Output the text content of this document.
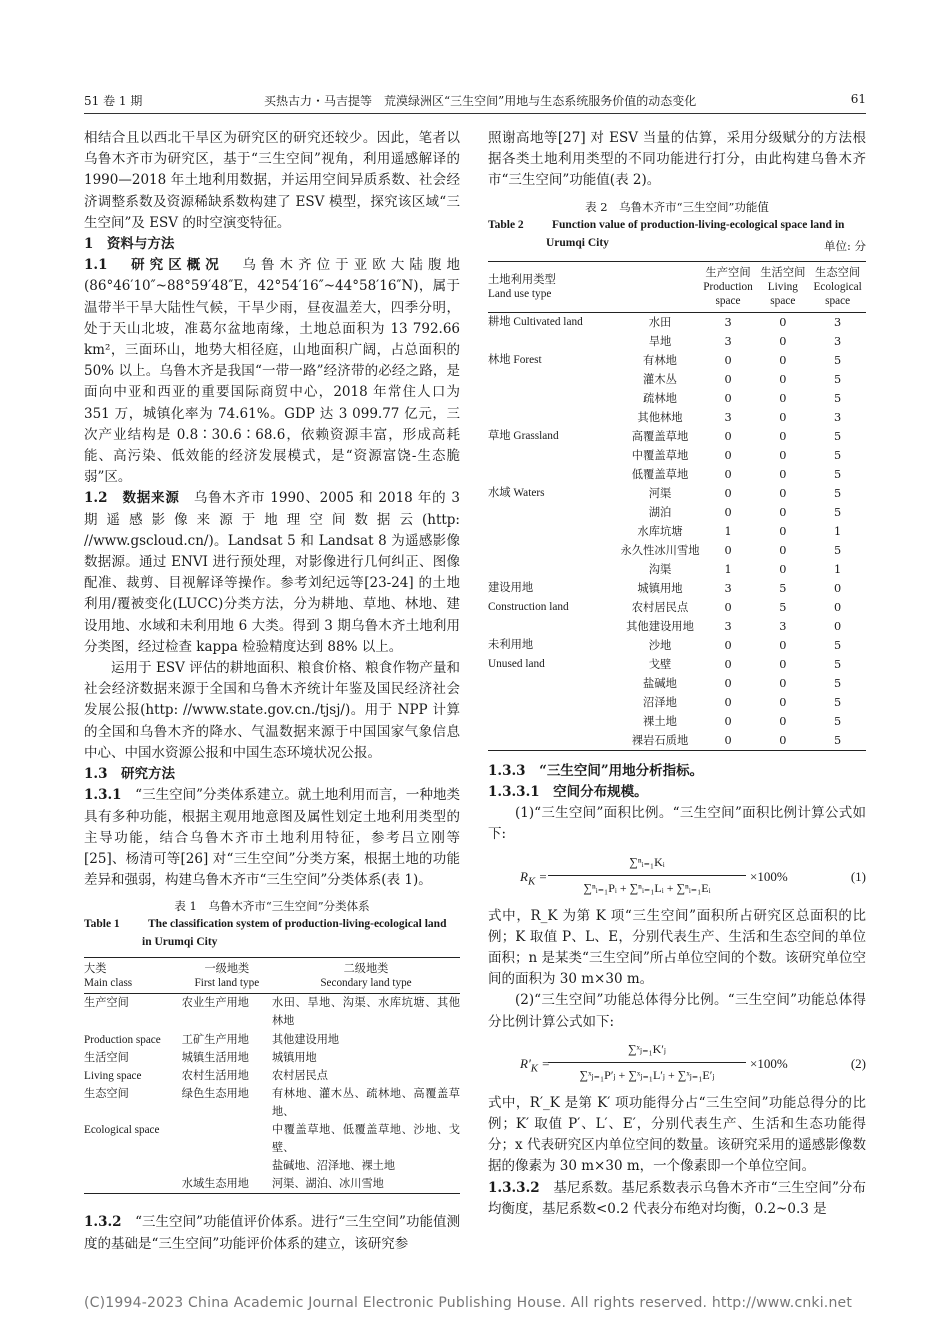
51 卷 1 期	买热古力・马吉提等　荒漠绿洲区“三生空间”用地与生态系统服务价值的动态变化	61

相结合且以西北干旱区为研究区的研究还较少。因此，笔者以乌鲁木齐市为研究区，基于“三生空间”视角，利用遥感解译的 1990—2018 年土地利用数据，并运用空间异质系数、社会经济调整系数及资源稀缺系数构建了 ESV 模型，探究该区域“三生空间”及 ESV 的时空演变特征。

1　资料与方法

1.1　研究区概况　 乌鲁木齐位于亚欧大陆腹地(86°46′10″~88°59′48″E，42°54′16″~44°58′16″N)，属于温带半干旱大陆性气候，干旱少雨，昼夜温差大，四季分明，处于天山北坡，准葛尔盆地南缘，土地总面积为 13 792.66 km²，三面环山，地势大相径庭，山地面积广阔，占总面积的 50% 以上。乌鲁木齐是我国“一带一路”经济带的必经之路，是面向中亚和西亚的重要国际商贸中心，2018 年常住人口为 351 万，城镇化率为 74.61%。GDP 达 3 099.77 亿元，三次产业结构是 0.8∶30.6∶68.6，依赖资源丰富，形成高耗能、高污染、低效能的经济发展模式，是“资源富饶-生态脆弱”区。

1.2　数据来源　 乌鲁木齐市 1990、2005 和 2018 年的 3 期遥感影像来源于地理空间数据云(http: //www.gscloud.cn/)。Landsat 5 和 Landsat 8 为遥感影像数据源。通过 ENVI 进行预处理，对影像进行几何纠正、图像配准、裁剪、目视解译等操作。参考刘纪远等[23-24] 的土地利用/覆被变化(LUCC)分类方法，分为耕地、草地、林地、建设用地、水域和未利用地 6 大类。得到 3 期乌鲁木齐土地利用分类图，经过检查 kappa 检验精度达到 88% 以上。

运用于 ESV 评估的耕地面积、粮食价格、粮食作物产量和社会经济数据来源于全国和乌鲁木齐统计年鉴及国民经济社会发展公报(http: //www.state.gov.cn./tjsj/)。用于 NPP 计算的全国和乌鲁木齐的降水、气温数据来源于中国国家气象信息中心、中国水资源公报和中国生态环境状况公报。

1.3　研究方法

1.3.1　 “三生空间”分类体系建立。就土地利用而言，一种地类具有多种功能，根据主观用地意图及属性划定土地利用类型的主导功能，结合乌鲁木齐市土地利用特征，参考吕立刚等[25]、杨清可等[26] 对“三生空间”分类方案，根据土地的功能差异和强弱，构建乌鲁木齐市“三生空间”分类体系(表 1)。

表 1　乌鲁木齐市“三生空间”分类体系
Table 1 The classification system of production-living-ecological land
in Urumqi City
大类
Main class	一级地类
First land type	二级地类
Secondary land type
生产空间	农业生产用地	水田、旱地、沟渠、水库坑塘、其他林地
Production space	工矿生产用地	其他建设用地
生活空间	城镇生活用地	城镇用地
Living space	农村生活用地	农村居民点
生态空间	绿色生态用地	有林地、灌木丛、疏林地、高覆盖草地、
Ecological space		中覆盖草地、低覆盖草地、沙地、戈壁、
		盐碱地、沼泽地、裸土地
	水域生态用地	河渠、湖泊、冰川雪地

1.3.2　 “三生空间”功能值评价体系。进行“三生空间”功能值测度的基础是“三生空间”功能评价体系的建立，该研究参

照谢高地等[27] 对 ESV 当量的估算，采用分级赋分的方法根据各类土地利用类型的不同功能进行打分，由此构建乌鲁木齐市“三生空间”功能值(表 2)。

表 2　乌鲁木齐市“三生空间”功能值
Table 2 Function value of production-living-ecological space land in
Urumqi City	单位: 分
土地利用类型
Land use type		生产空间
Production
space	生活空间
Living
space	生态空间
Ecological
space
耕地 Cultivated land	水田	3	0	3
	旱地	3	0	3
林地 Forest	有林地	0	0	5
	灌木丛	0	0	5
	疏林地	0	0	5
	其他林地	3	0	3
草地 Grassland	高覆盖草地	0	0	5
	中覆盖草地	0	0	5
	低覆盖草地	0	0	5
水域 Waters	河渠	0	0	5
	湖泊	0	0	5
	水库坑塘	1	0	1
	永久性冰川雪地	0	0	5
	沟渠	1	0	1
建设用地	城镇用地	3	5	0
Construction land	农村居民点	0	5	0
	其他建设用地	3	3	0
未利用地	沙地	0	0	5
Unused land	戈壁	0	0	5
	盐碱地	0	0	5
	沼泽地	0	0	5
	裸土地	0	0	5
	裸岩石质地	0	0	5

1.3.3　“三生空间”用地分析指标。

1.3.3.1　空间分布规模。

(1)“三生空间”面积比例。“三生空间”面积比例计算公式如下:

$R_K = \frac{\text{∑ⁿᵢ₌₁Kᵢ}}{\text{∑ⁿᵢ₌₁Pᵢ + ∑ⁿᵢ₌₁Lᵢ + ∑ⁿᵢ₌₁Eᵢ}} \times 100\%$	(1)

式中，R_K 为第 K 项“三生空间”面积所占研究区总面积的比例；K 取值 P、L、E，分别代表生产、生活和生态空间的单位面积；n 是某类“三生空间”所占单位空间的个数。该研究单位空间的面积为 30 m×30 m。

(2)“三生空间”功能总体得分比例。“三生空间”功能总体得分比例计算公式如下:

$R'_K$ =
$\frac{\text{∑ˣⱼ₌₁K′ⱼ}}{\text{∑ˣⱼ₌₁P′ⱼ + ∑ˣⱼ₌₁L′ⱼ + ∑ˣⱼ₌₁E′ⱼ}} \times 100\%$	(2)

式中，R′_K 是第 K′ 项功能得分占“三生空间”功能总得分的比例；K′ 取值 P′、L′、E′，分别代表生产、生活和生态功能得分；x 代表研究区内单位空间的数量。该研究采用的遥感影像数据的像素为 30 m×30 m，一个像素即一个单位空间。

1.3.3.2　 基尼系数。基尼系数表示乌鲁木齐市“三生空间”分布均衡度，基尼系数<0.2 代表分布绝对均衡，0.2~0.3 是

(C)1994-2023 China Academic Journal Electronic Publishing House. All rights reserved. http://www.cnki.net
